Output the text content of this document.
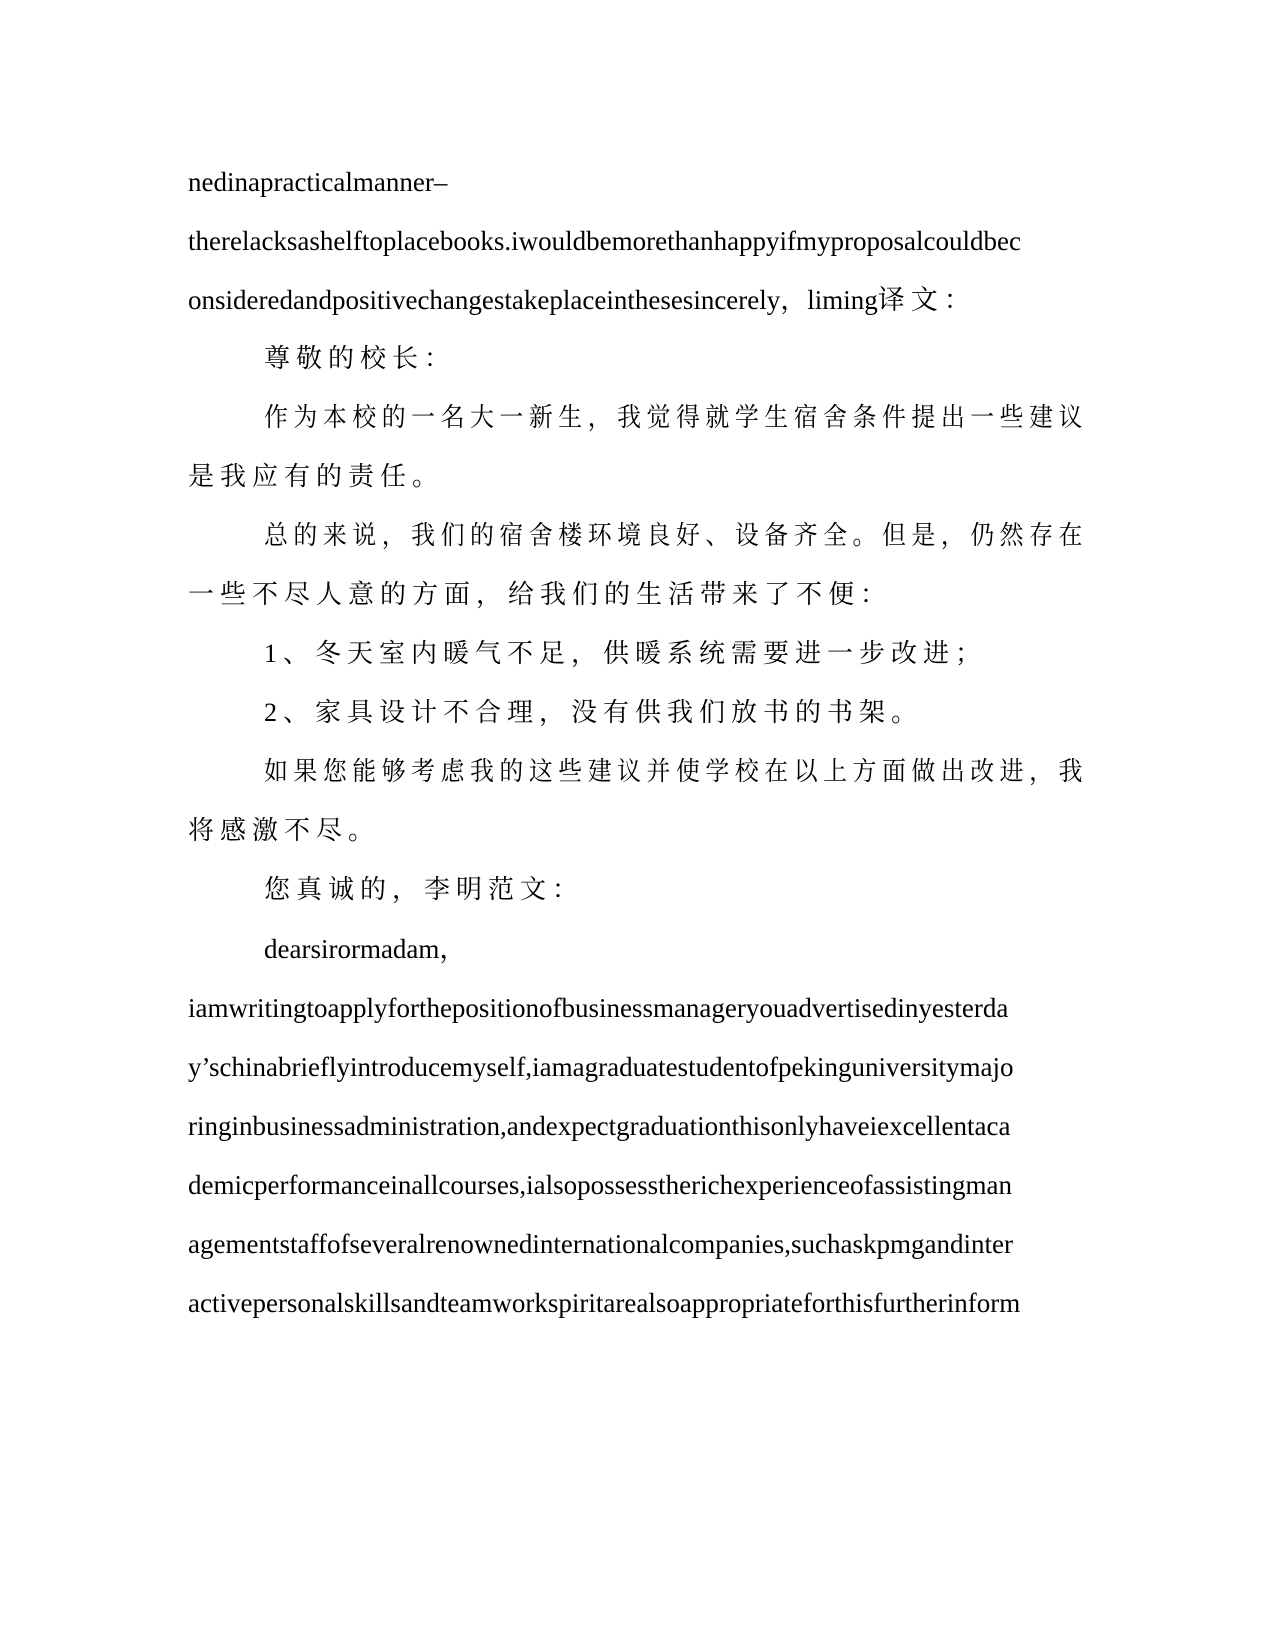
nedinapracticalmanner–
therelacksashelftoplacebooks.iwouldbemorethanhappyifmyproposalcouldbec
onsideredandpositivechangestakeplaceinthesesincerely，liming译文：
尊敬的校长：
作为本校的一名大一新生，我觉得就学生宿舍条件提出一些建议
是我应有的责任。
总的来说，我们的宿舍楼环境良好、设备齐全。但是，仍然存在
一些不尽人意的方面，给我们的生活带来了不便：
1、冬天室内暖气不足，供暖系统需要进一步改进；
2、家具设计不合理，没有供我们放书的书架。
如果您能够考虑我的这些建议并使学校在以上方面做出改进，我
将感激不尽。
您真诚的，李明范文：
dearsirormadam，
iamwritingtoapplyforthepositionofbusinessmanageryouadvertisedinyesterda
y’schinabrieflyintroducemyself,iamagraduatestudentofpekinguniversitymajo
ringinbusinessadministration,andexpectgraduationthisonlyhaveiexcellentaca
demicperformanceinallcourses,ialsopossesstherichexperienceofassistingman
agementstaffofseveralrenownedinternationalcompanies,suchaskpmgandinter
activepersonalskillsandteamworkspiritarealsoappropriateforthisfurtherinform
